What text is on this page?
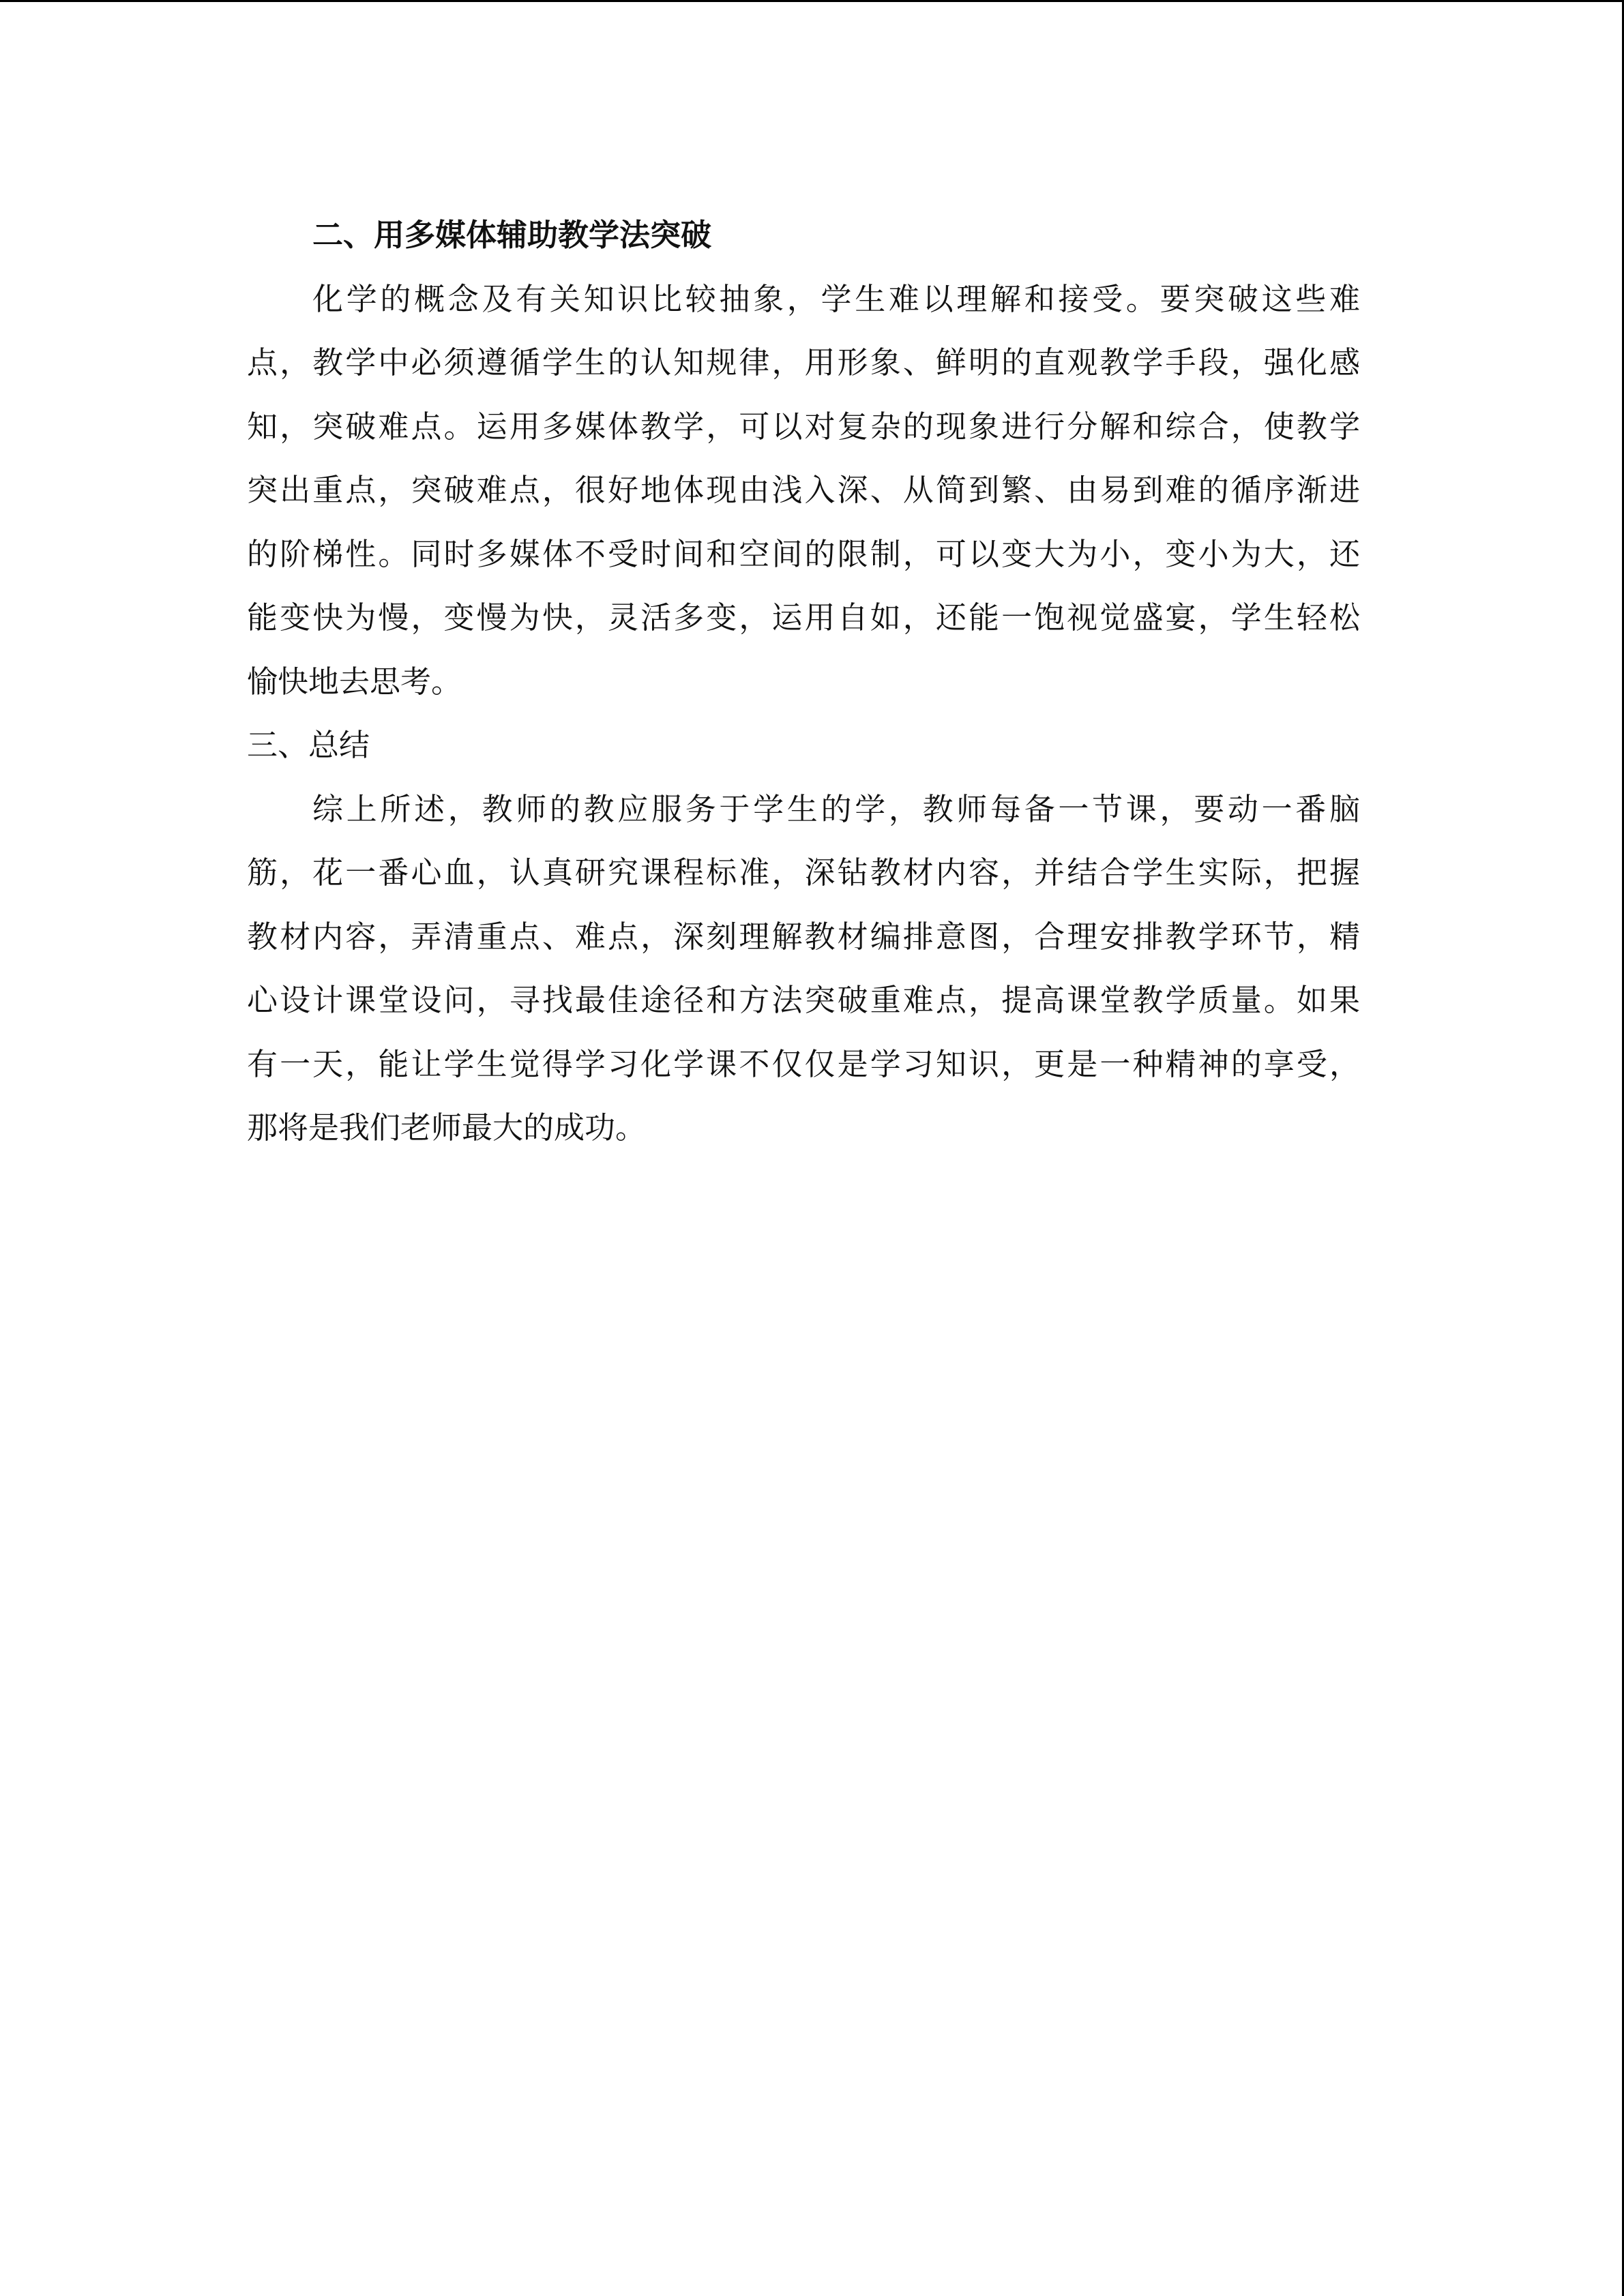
二、用多媒体辅助教学法突破
化学的概念及有关知识比较抽象，学生难以理解和接受。要突破这些难
点，教学中必须遵循学生的认知规律，用形象、鲜明的直观教学手段，强化感
知，突破难点。运用多媒体教学，可以对复杂的现象进行分解和综合，使教学
突出重点，突破难点，很好地体现由浅入深、从简到繁、由易到难的循序渐进
的阶梯性。同时多媒体不受时间和空间的限制，可以变大为小，变小为大，还
能变快为慢，变慢为快，灵活多变，运用自如，还能一饱视觉盛宴，学生轻松
愉快地去思考。
三、总结
综上所述，教师的教应服务于学生的学，教师每备一节课，要动一番脑
筋，花一番心血，认真研究课程标准，深钻教材内容，并结合学生实际，把握
教材内容，弄清重点、难点，深刻理解教材编排意图，合理安排教学环节，精
心设计课堂设问，寻找最佳途径和方法突破重难点，提高课堂教学质量。如果
有一天，能让学生觉得学习化学课不仅仅是学习知识，更是一种精神的享受，
那将是我们老师最大的成功。
